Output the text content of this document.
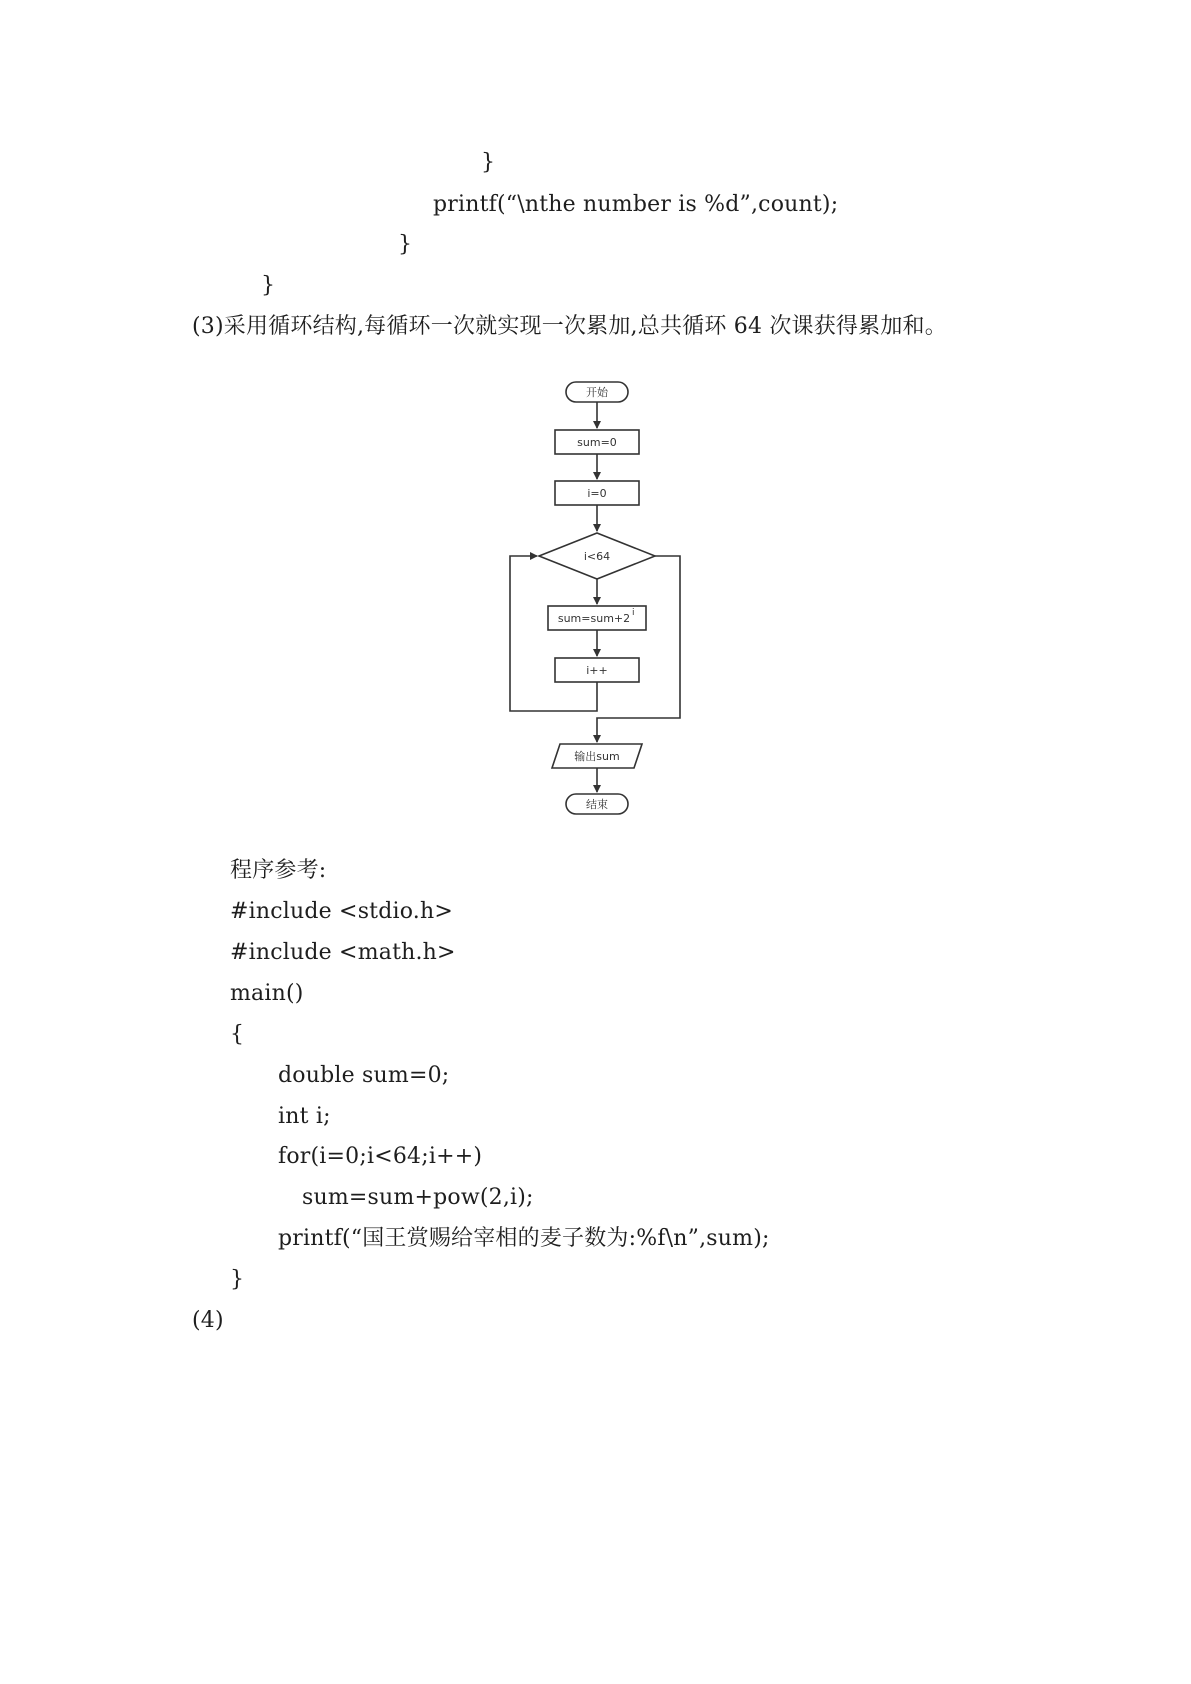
}
printf(“\nthe number is %d”,count);
}
}
(3)采用循环结构,每循环一次就实现一次累加,总共循环 64 次课获得累加和。
开始
sum=0
i=0
i<64
sum=sum+2 i
i++
输出sum
结束
程序参考:
#include <stdio.h>
#include <math.h>
main()
{
double sum=0;
int i;
for(i=0;i<64;i++)
sum=sum+pow(2,i);
printf(“国王赏赐给宰相的麦子数为:%f\n”,sum);
}
(4)
